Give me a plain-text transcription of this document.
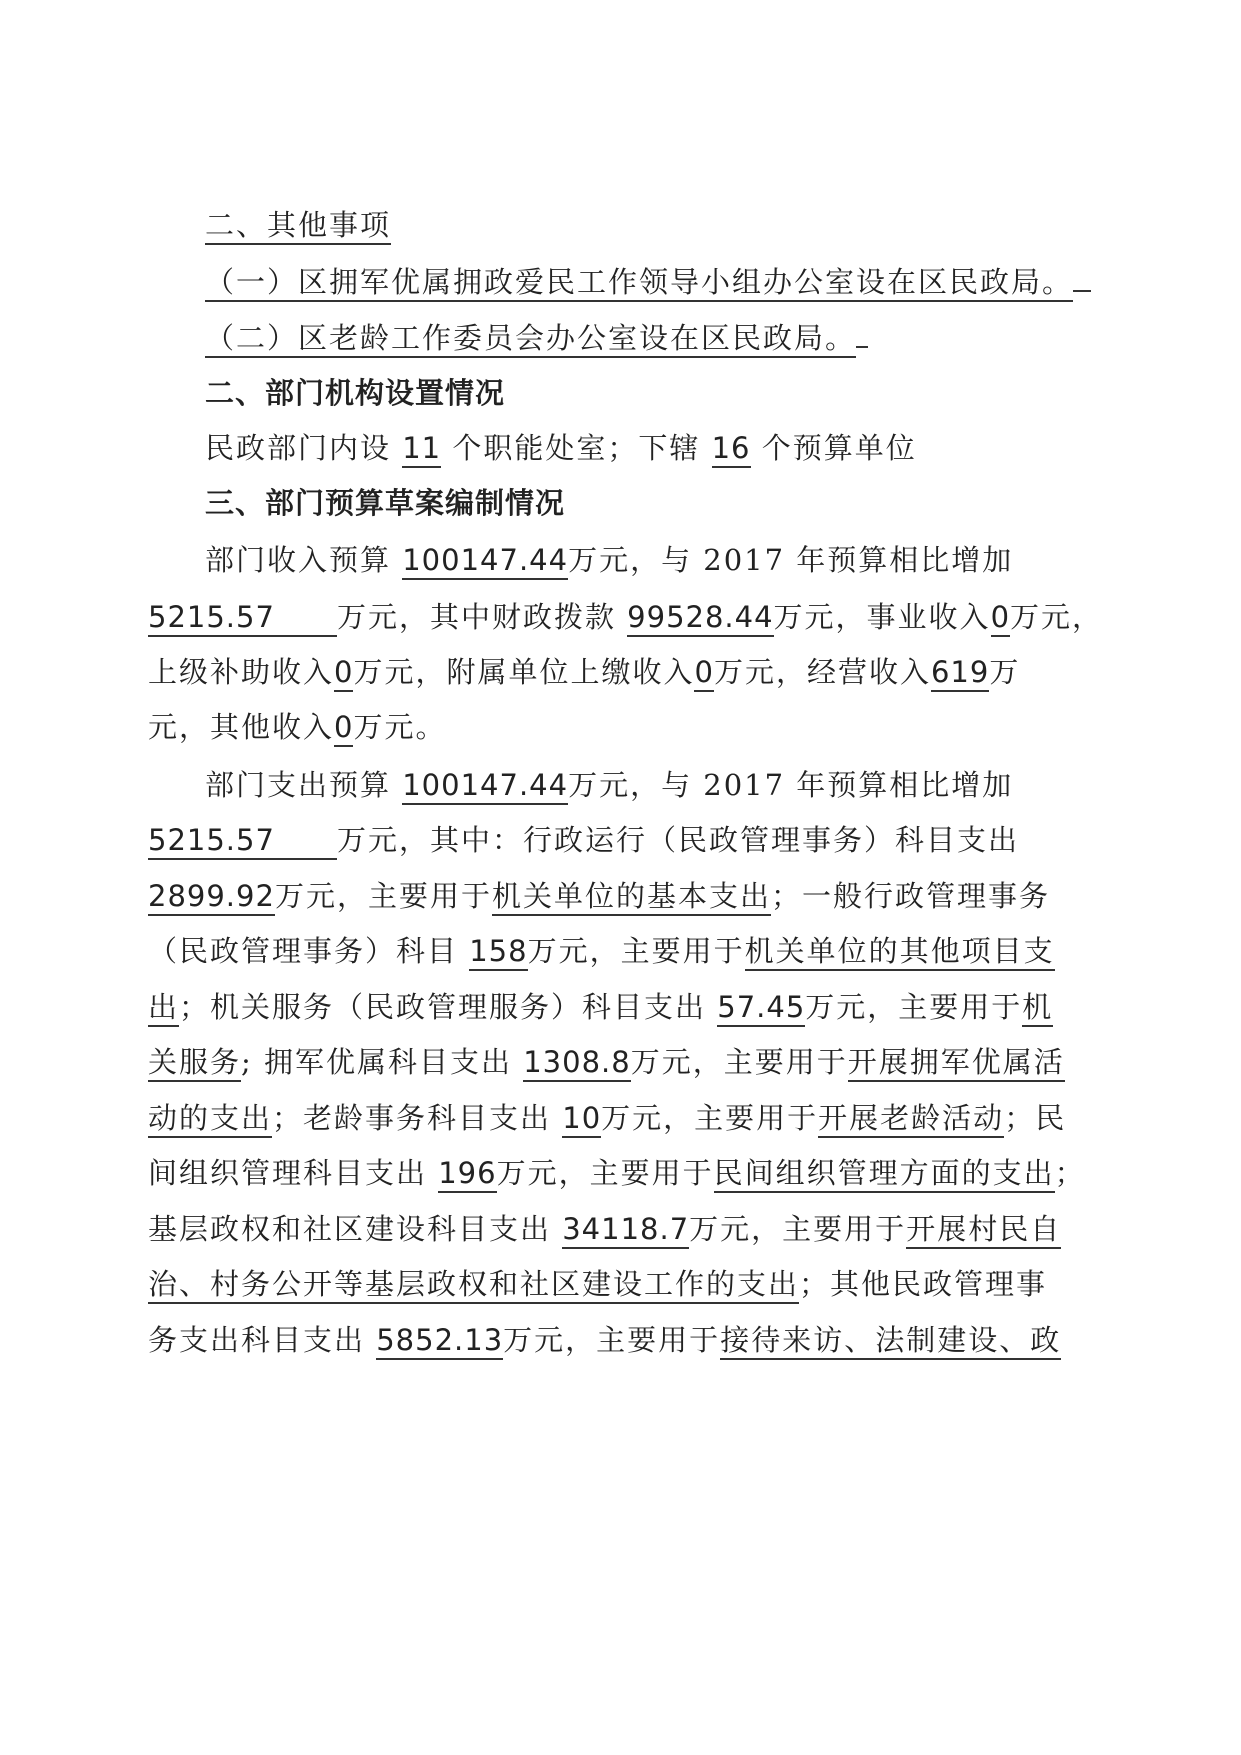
二、其他事项
（一）区拥军优属拥政爱民工作领导小组办公室设在区民政局。
（二）区老龄工作委员会办公室设在区民政局。
二、部门机构设置情况
民政部门内设 11 个职能处室；下辖 16 个预算单位
三、部门预算草案编制情况
部门收入预算 100147.44万元，与 2017 年预算相比增加
5215.57 万元，其中财政拨款 99528.44万元，事业收入0万元，
上级补助收入0万元，附属单位上缴收入0万元，经营收入619万
元，其他收入0万元。
部门支出预算 100147.44万元，与 2017 年预算相比增加
5215.57 万元，其中：行政运行（民政管理事务）科目支出
2899.92万元，主要用于机关单位的基本支出；一般行政管理事务
（民政管理事务）科目 158万元，主要用于机关单位的其他项目支
出；机关服务（民政管理服务）科目支出 57.45万元，主要用于机
关服务; 拥军优属科目支出 1308.8万元，主要用于开展拥军优属活
动的支出；老龄事务科目支出 10万元，主要用于开展老龄活动；民
间组织管理科目支出 196万元，主要用于民间组织管理方面的支出；
基层政权和社区建设科目支出 34118.7万元，主要用于开展村民自
治、村务公开等基层政权和社区建设工作的支出；其他民政管理事
务支出科目支出 5852.13万元，主要用于接待来访、法制建设、政
